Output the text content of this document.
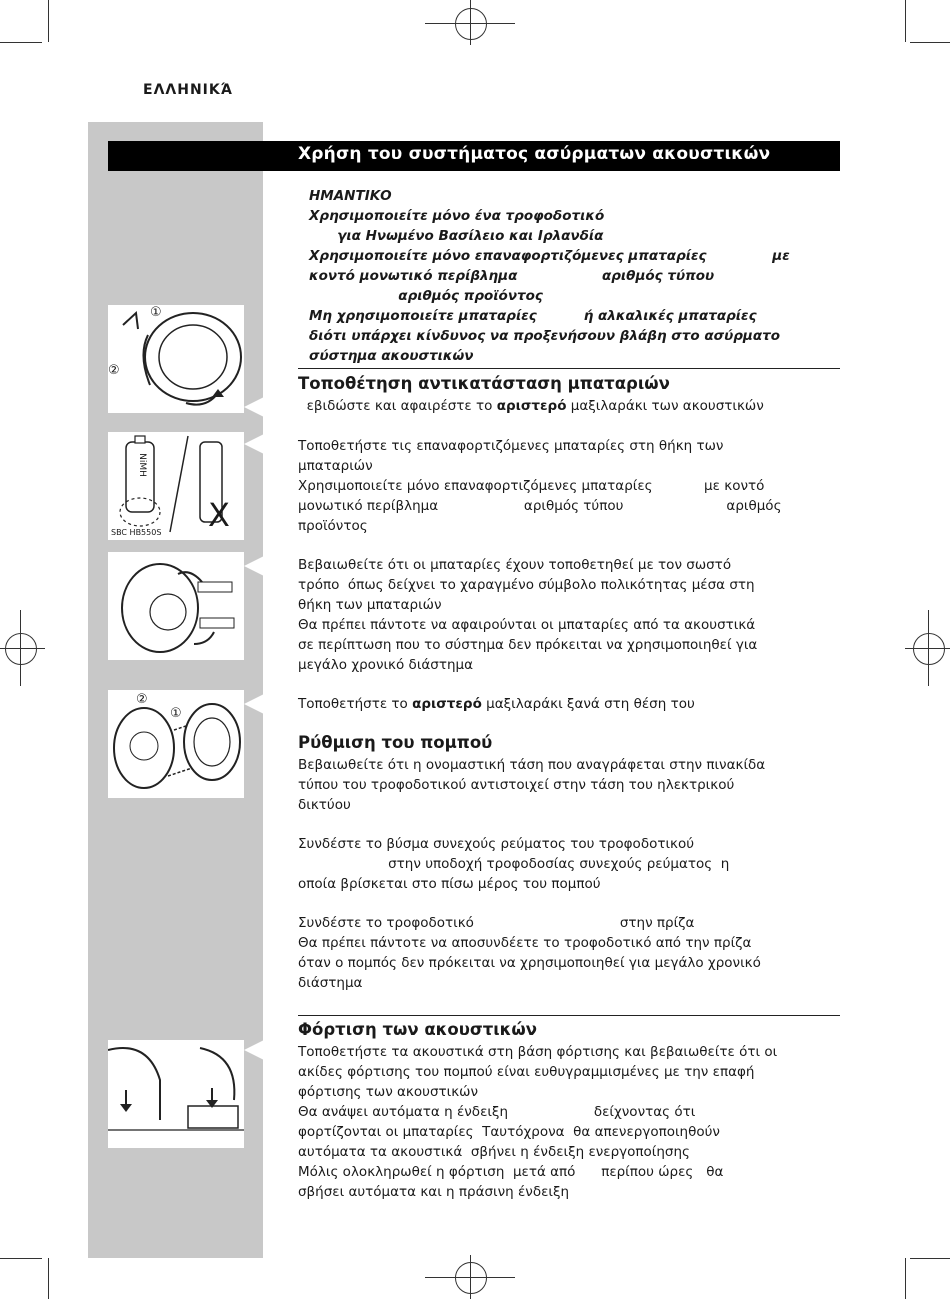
ΕΛΛΗΝΙΚΆ
Χρήση του συστήματος ασύρματων ακουστικών
ΗΜΑΝΤΙΚΟ
Χρησιμοποιείτε μόνο ένα τροφοδοτικό
για Ηνωμένο Βασίλειο και Ιρλανδία
Χρησιμοποιείτε μόνο επαναφορτιζόμενες μπαταρίες              με
κοντό μονωτικό περίβλημα                  αριθμός τύπου
αριθμός προϊόντος
Μη χρησιμοποιείτε μπαταρίες          ή αλκαλικές μπαταρίες
διότι υπάρχει κίνδυνος να προξενήσουν βλάβη στο ασύρματο
σύστημα ακουστικών
Τοποθέτηση αντικατάσταση μπαταριών
εβιδώστε και αφαιρέστε το αριστερό μαξιλαράκι των ακουστικών
Τοποθετήστε τις επαναφορτιζόμενες μπαταρίες στη θήκη των
μπαταριών
Χρησιμοποιείτε μόνο επαναφορτιζόμενες μπαταρίες            με κοντό
μονωτικό περίβλημα                    αριθμός τύπου                        αριθμός
προϊόντος
Βεβαιωθείτε ότι οι μπαταρίες έχουν τοποθετηθεί με τον σωστό
τρόπο  όπως δείχνει το χαραγμένο σύμβολο πολικότητας μέσα στη
θήκη των μπαταριών
Θα πρέπει πάντοτε να αφαιρούνται οι μπαταρίες από τα ακουστικά
σε περίπτωση που το σύστημα δεν πρόκειται να χρησιμοποιηθεί για
μεγάλο χρονικό διάστημα
Τοποθετήστε το αριστερό μαξιλαράκι ξανά στη θέση του
Ρύθμιση του πομπού
Βεβαιωθείτε ότι η ονομαστική τάση που αναγράφεται στην πινακίδα
τύπου του τροφοδοτικού αντιστοιχεί στην τάση του ηλεκτρικού
δικτύου
Συνδέστε το βύσμα συνεχούς ρεύματος του τροφοδοτικού
στην υποδοχή τροφοδοσίας συνεχούς ρεύματος  η
οποία βρίσκεται στο πίσω μέρος του πομπού
Συνδέστε το τροφοδοτικό                                  στην πρίζα
Θα πρέπει πάντοτε να αποσυνδέετε το τροφοδοτικό από την πρίζα
όταν ο πομπός δεν πρόκειται να χρησιμοποιηθεί για μεγάλο χρονικό
διάστημα
Φόρτιση των ακουστικών
Τοποθετήστε τα ακουστικά στη βάση φόρτισης και βεβαιωθείτε ότι οι
ακίδες φόρτισης του πομπού είναι ευθυγραμμισμένες με την επαφή
φόρτισης των ακουστικών
Θα ανάψει αυτόματα η ένδειξη                    δείχνοντας ότι
φορτίζονται οι μπαταρίες  Ταυτόχρονα  θα απενεργοποιηθούν
αυτόματα τα ακουστικά  σβήνει η ένδειξη ενεργοποίησης
Μόλις ολοκληρωθεί η φόρτιση  μετά από      περίπου ώρες   θα
σβήσει αυτόματα και η πράσινη ένδειξη
①
②
NiMH
X
SBC HB550S
②
①
